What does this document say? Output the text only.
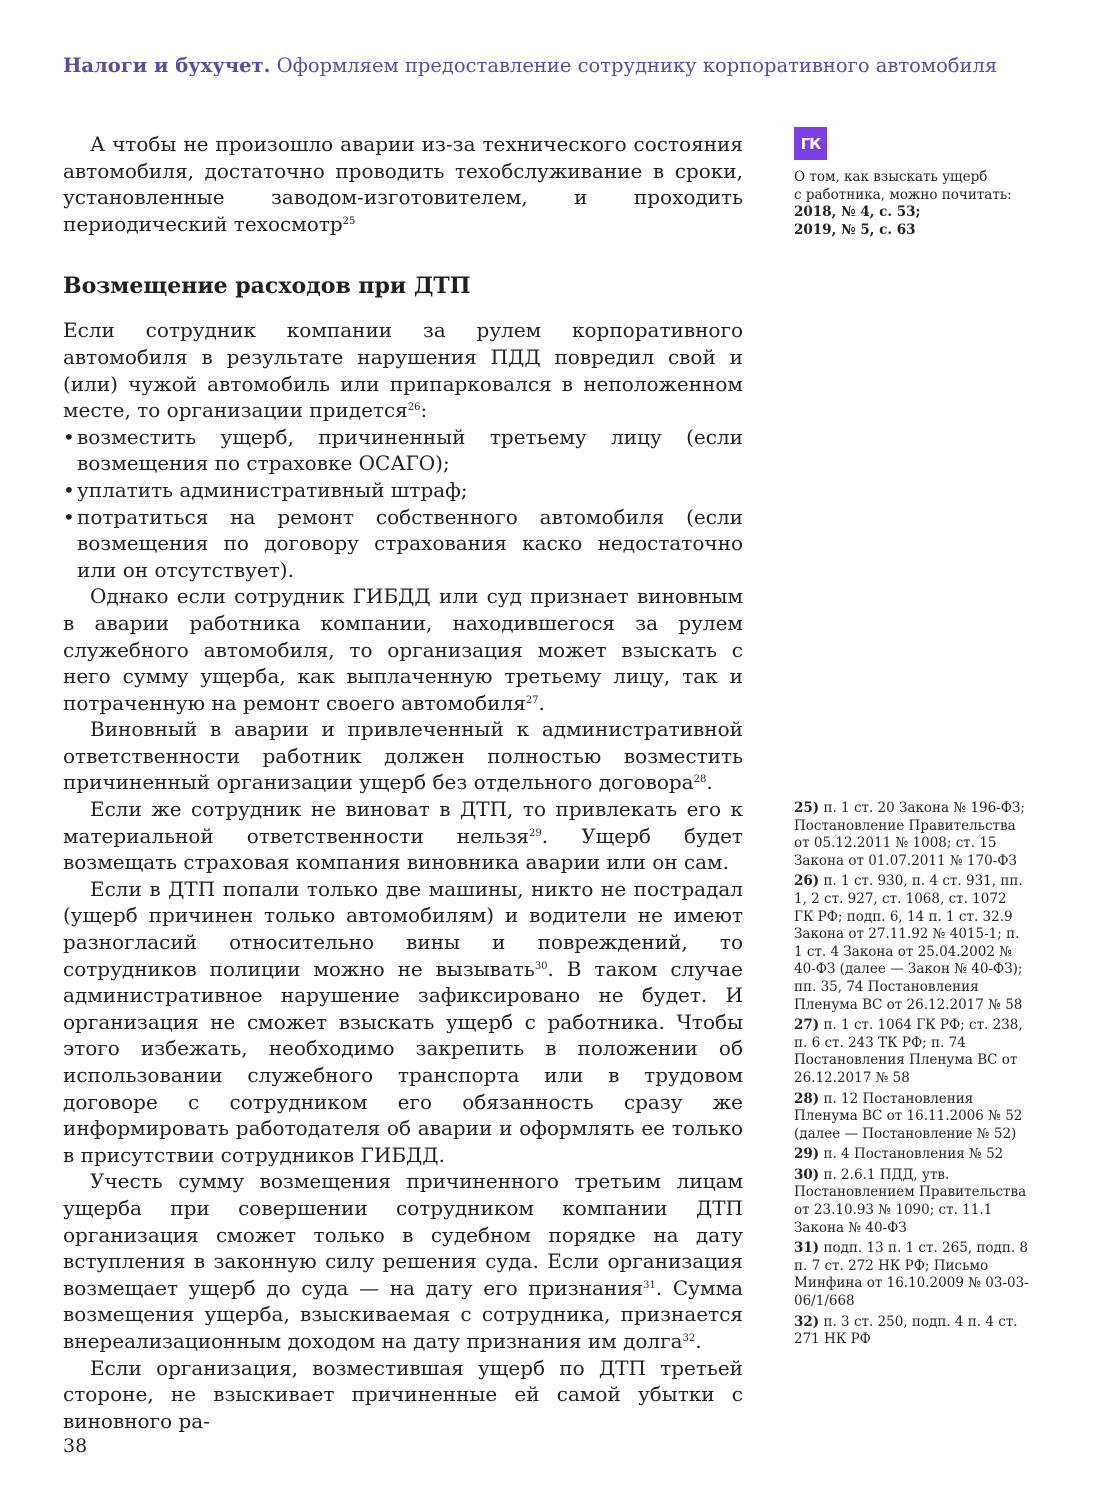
Налоги и бухучет. Оформляем предоставление сотруднику корпоративного автомобиля
ГК
О том, как взыскать ущерб
с работника, можно почитать:
2018, № 4, с. 53;
2019, № 5, с. 63

А чтобы не произошло аварии из-за технического состояния автомобиля, достаточно проводить техобслуживание в сроки, установленные заводом-изготовителем, и проходить периодический техосмотр$^{25}$

Возмещение расходов при ДТП

Если сотрудник компании за рулем корпоративного автомобиля в результате нарушения ПДД повредил свой и (или) чужой автомобиль или припарковался в неположенном месте, то организации придется$^{26}$:

• возместить ущерб, причиненный третьему лицу (если возмещения по страховке ОСАГО);
• уплатить административный штраф;
• потратиться на ремонт собственного автомобиля (если возмещения по договору страхования каско недостаточно или он отсутствует).

Однако если сотрудник ГИБДД или суд признает виновным в аварии работника компании, находившегося за рулем служебного автомобиля, то организация может взыскать с него сумму ущерба, как выплаченную третьему лицу, так и потраченную на ремонт своего автомобиля$^{27}$.

Виновный в аварии и привлеченный к административной ответственности работник должен полностью возместить причиненный организации ущерб без отдельного договора$^{28}$.

Если же сотрудник не виноват в ДТП, то привлекать его к материальной ответственности нельзя$^{29}$. Ущерб будет возмещать страховая компания виновника аварии или он сам.

Если в ДТП попали только две машины, никто не пострадал (ущерб причинен только автомобилям) и водители не имеют разногласий относительно вины и повреждений, то сотрудников полиции можно не вызывать$^{30}$. В таком случае административное нарушение зафиксировано не будет. И организация не сможет взыскать ущерб с работника. Чтобы этого избежать, необходимо закрепить в положении об использовании служебного транспорта или в трудовом договоре с сотрудником его обязанность сразу же информировать работодателя об аварии и оформлять ее только в присутствии сотрудников ГИБДД.

Учесть сумму возмещения причиненного третьим лицам ущерба при совершении сотрудником компании ДТП организация сможет только в судебном порядке на дату вступления в законную силу решения суда. Если организация возмещает ущерб до суда — на дату его признания$^{31}$. Сумма возмещения ущерба, взыскиваемая с сотрудника, признается внереализационным доходом на дату признания им долга$^{32}$.

Если организация, возместившая ущерб по ДТП третьей стороне, не взыскивает причиненные ей самой убытки с виновного ра-

25) п. 1 ст. 20 Закона № 196-ФЗ; Постановление Правительства от 05.12.2011 № 1008; ст. 15 Закона от 01.07.2011 № 170-ФЗ
26) п. 1 ст. 930, п. 4 ст. 931, пп. 1, 2 ст. 927, ст. 1068, ст. 1072 ГК РФ; подп. 6, 14 п. 1 ст. 32.9 Закона от 27.11.92 № 4015-1; п. 1 ст. 4 Закона от 25.04.2002 № 40-ФЗ (далее — Закон № 40-ФЗ); пп. 35, 74 Постановления Пленума ВС от 26.12.2017 № 58
27) п. 1 ст. 1064 ГК РФ; ст. 238, п. 6 ст. 243 ТК РФ; п. 74 Постановления Пленума ВС от 26.12.2017 № 58
28) п. 12 Постановления Пленума ВС от 16.11.2006 № 52 (далее — Постановление № 52)
29) п. 4 Постановления № 52
30) п. 2.6.1 ПДД, утв. Постановлением Правительства от 23.10.93 № 1090; ст. 11.1 Закона № 40-ФЗ
31) подп. 13 п. 1 ст. 265, подп. 8 п. 7 ст. 272 НК РФ; Письмо Минфина от 16.10.2009 № 03-03-06/1/668
32) п. 3 ст. 250, подп. 4 п. 4 ст. 271 НК РФ
38
